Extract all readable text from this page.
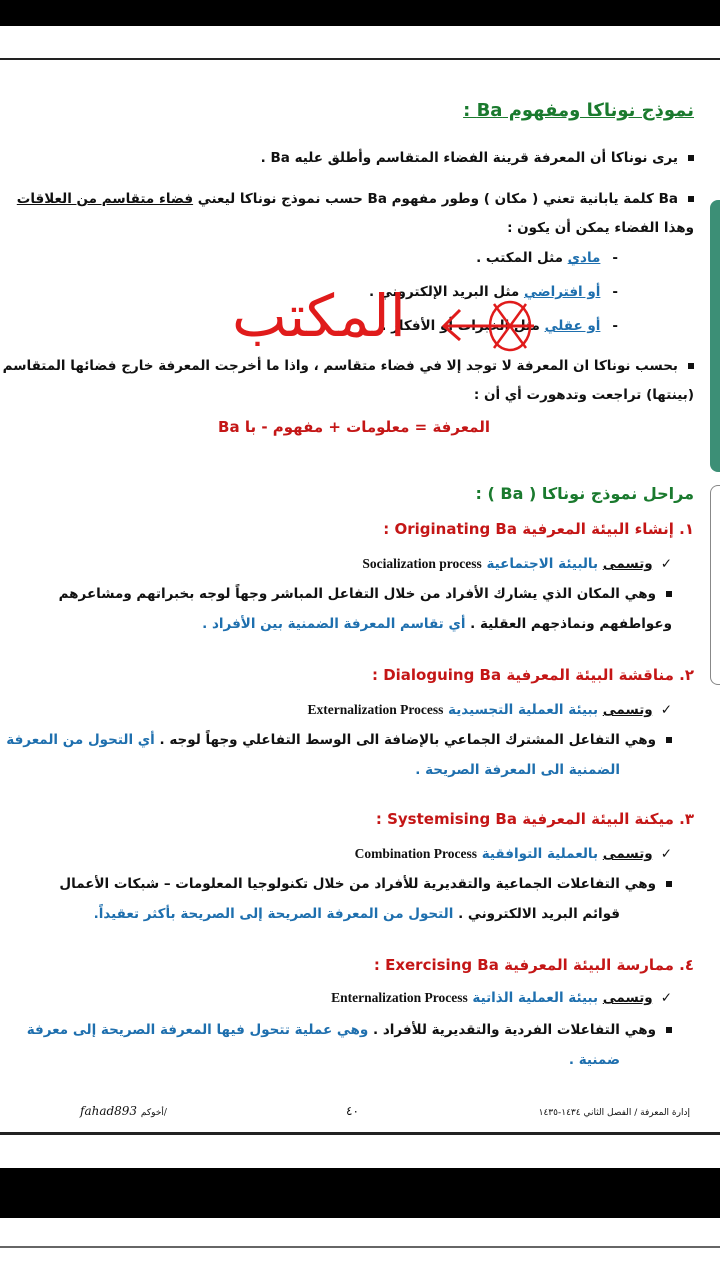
نموذج نوناكا ومفهوم Ba :
يرى نوناكا أن المعرفة قرينة الفضاء المتقاسم وأطلق عليه Ba .
Ba كلمة يابانية تعني ( مكان ) وطور مفهوم Ba حسب نموذج نوناكا ليعني فضاء متقاسم من العلاقات
وهذا الفضاء يمكن أن يكون :
-مادي مثل المكتب .
-أو افتراضي مثل البريد الإلكتروني .
-أو عقلي مثل الخبرات أو الأفكار .
المكتب
بحسب نوناكا ان المعرفة لا توجد إلا في فضاء متقاسم ، واذا ما أخرجت المعرفة خارج فضائها المتقاسم
(بينتها) تراجعت وتدهورت أي أن :
المعرفة = معلومات + مفهوم - با Ba
مراحل نموذج نوناكا ( Ba ) :
١. إنشاء البيئة المعرفية Originating Ba :
✓وتسمى بالبيئة الاجتماعية Socialization process
وهي المكان الذي يشارك الأفراد من خلال التفاعل المباشر وجهاً لوجه بخبراتهم ومشاعرهم
وعواطفهم ونماذجهم العقلية . أي تقاسم المعرفة الضمنية بين الأفراد .
٢. مناقشة البيئة المعرفية Dialoguing Ba :
✓وتسمى ببيئة العملية التجسيدية Externalization Process
وهي التفاعل المشترك الجماعي بالإضافة الى الوسط التفاعلي وجهاً لوجه . أي التحول من المعرفة
الضمنية الى المعرفة الصريحة .
٣. ميكنة البيئة المعرفية Systemising Ba :
✓وتسمى بالعملية التوافقية Combination Process
وهي التفاعلات الجماعية والتقديرية للأفراد من خلال تكنولوجيا المعلومات – شبكات الأعمال
قوائم البريد الالكتروني . التحول من المعرفة الصريحة إلى الصريحة بأكثر تعقيداً.
٤. ممارسة البيئة المعرفية Exercising Ba :
✓وتسمى ببيئة العملية الذاتية Enternalization Process
وهي التفاعلات الفردية والتقديرية للأفراد . وهي عملية تتحول فيها المعرفة الصريحة إلى معرفة
ضمنية .
fahad893 أخوكم/	٤٠	إدارة المعرفة / الفصل الثاني ١٤٣٤-١٤٣٥
